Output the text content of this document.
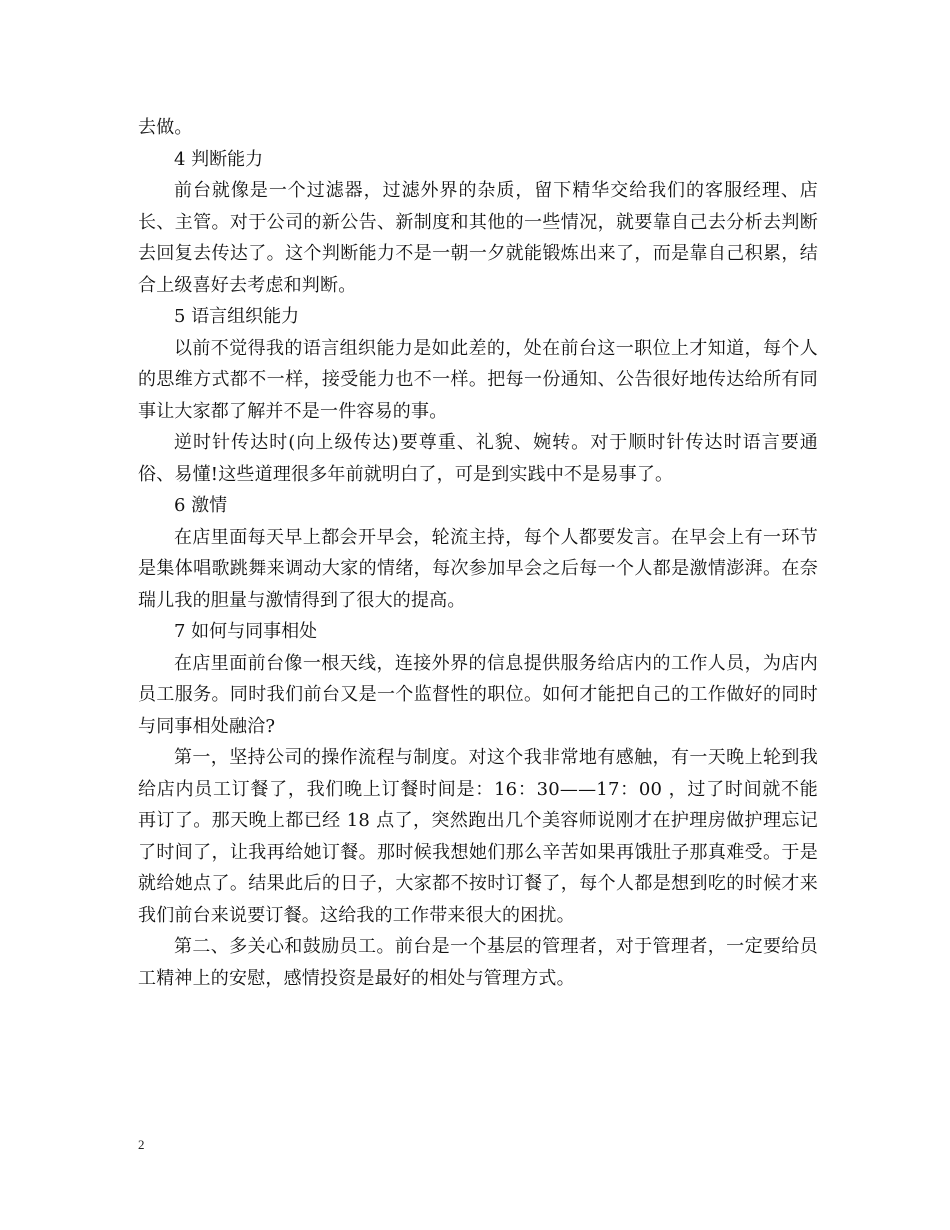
去做。

4 判断能力

前台就像是一个过滤器，过滤外界的杂质，留下精华交给我们的客服经理、店长、主管。对于公司的新公告、新制度和其他的一些情况，就要靠自己去分析去判断去回复去传达了。这个判断能力不是一朝一夕就能锻炼出来了，而是靠自己积累，结合上级喜好去考虑和判断。

5 语言组织能力

以前不觉得我的语言组织能力是如此差的，处在前台这一职位上才知道，每个人的思维方式都不一样，接受能力也不一样。把每一份通知、公告很好地传达给所有同事让大家都了解并不是一件容易的事。

逆时针传达时(向上级传达)要尊重、礼貌、婉转。对于顺时针传达时语言要通俗、易懂!这些道理很多年前就明白了，可是到实践中不是易事了。

6 激情

在店里面每天早上都会开早会，轮流主持，每个人都要发言。在早会上有一环节是集体唱歌跳舞来调动大家的情绪，每次参加早会之后每一个人都是激情澎湃。在奈瑞儿我的胆量与激情得到了很大的提高。

7 如何与同事相处

在店里面前台像一根天线，连接外界的信息提供服务给店内的工作人员，为店内员工服务。同时我们前台又是一个监督性的职位。如何才能把自己的工作做好的同时与同事相处融洽?

第一，坚持公司的操作流程与制度。对这个我非常地有感触，有一天晚上轮到我给店内员工订餐了，我们晚上订餐时间是：16：30——17：00 ，过了时间就不能再订了。那天晚上都已经 18 点了，突然跑出几个美容师说刚才在护理房做护理忘记了时间了，让我再给她订餐。那时候我想她们那么辛苦如果再饿肚子那真难受。于是就给她点了。结果此后的日子，大家都不按时订餐了，每个人都是想到吃的时候才来我们前台来说要订餐。这给我的工作带来很大的困扰。

第二、多关心和鼓励员工。前台是一个基层的管理者，对于管理者，一定要给员工精神上的安慰，感情投资是最好的相处与管理方式。

2
